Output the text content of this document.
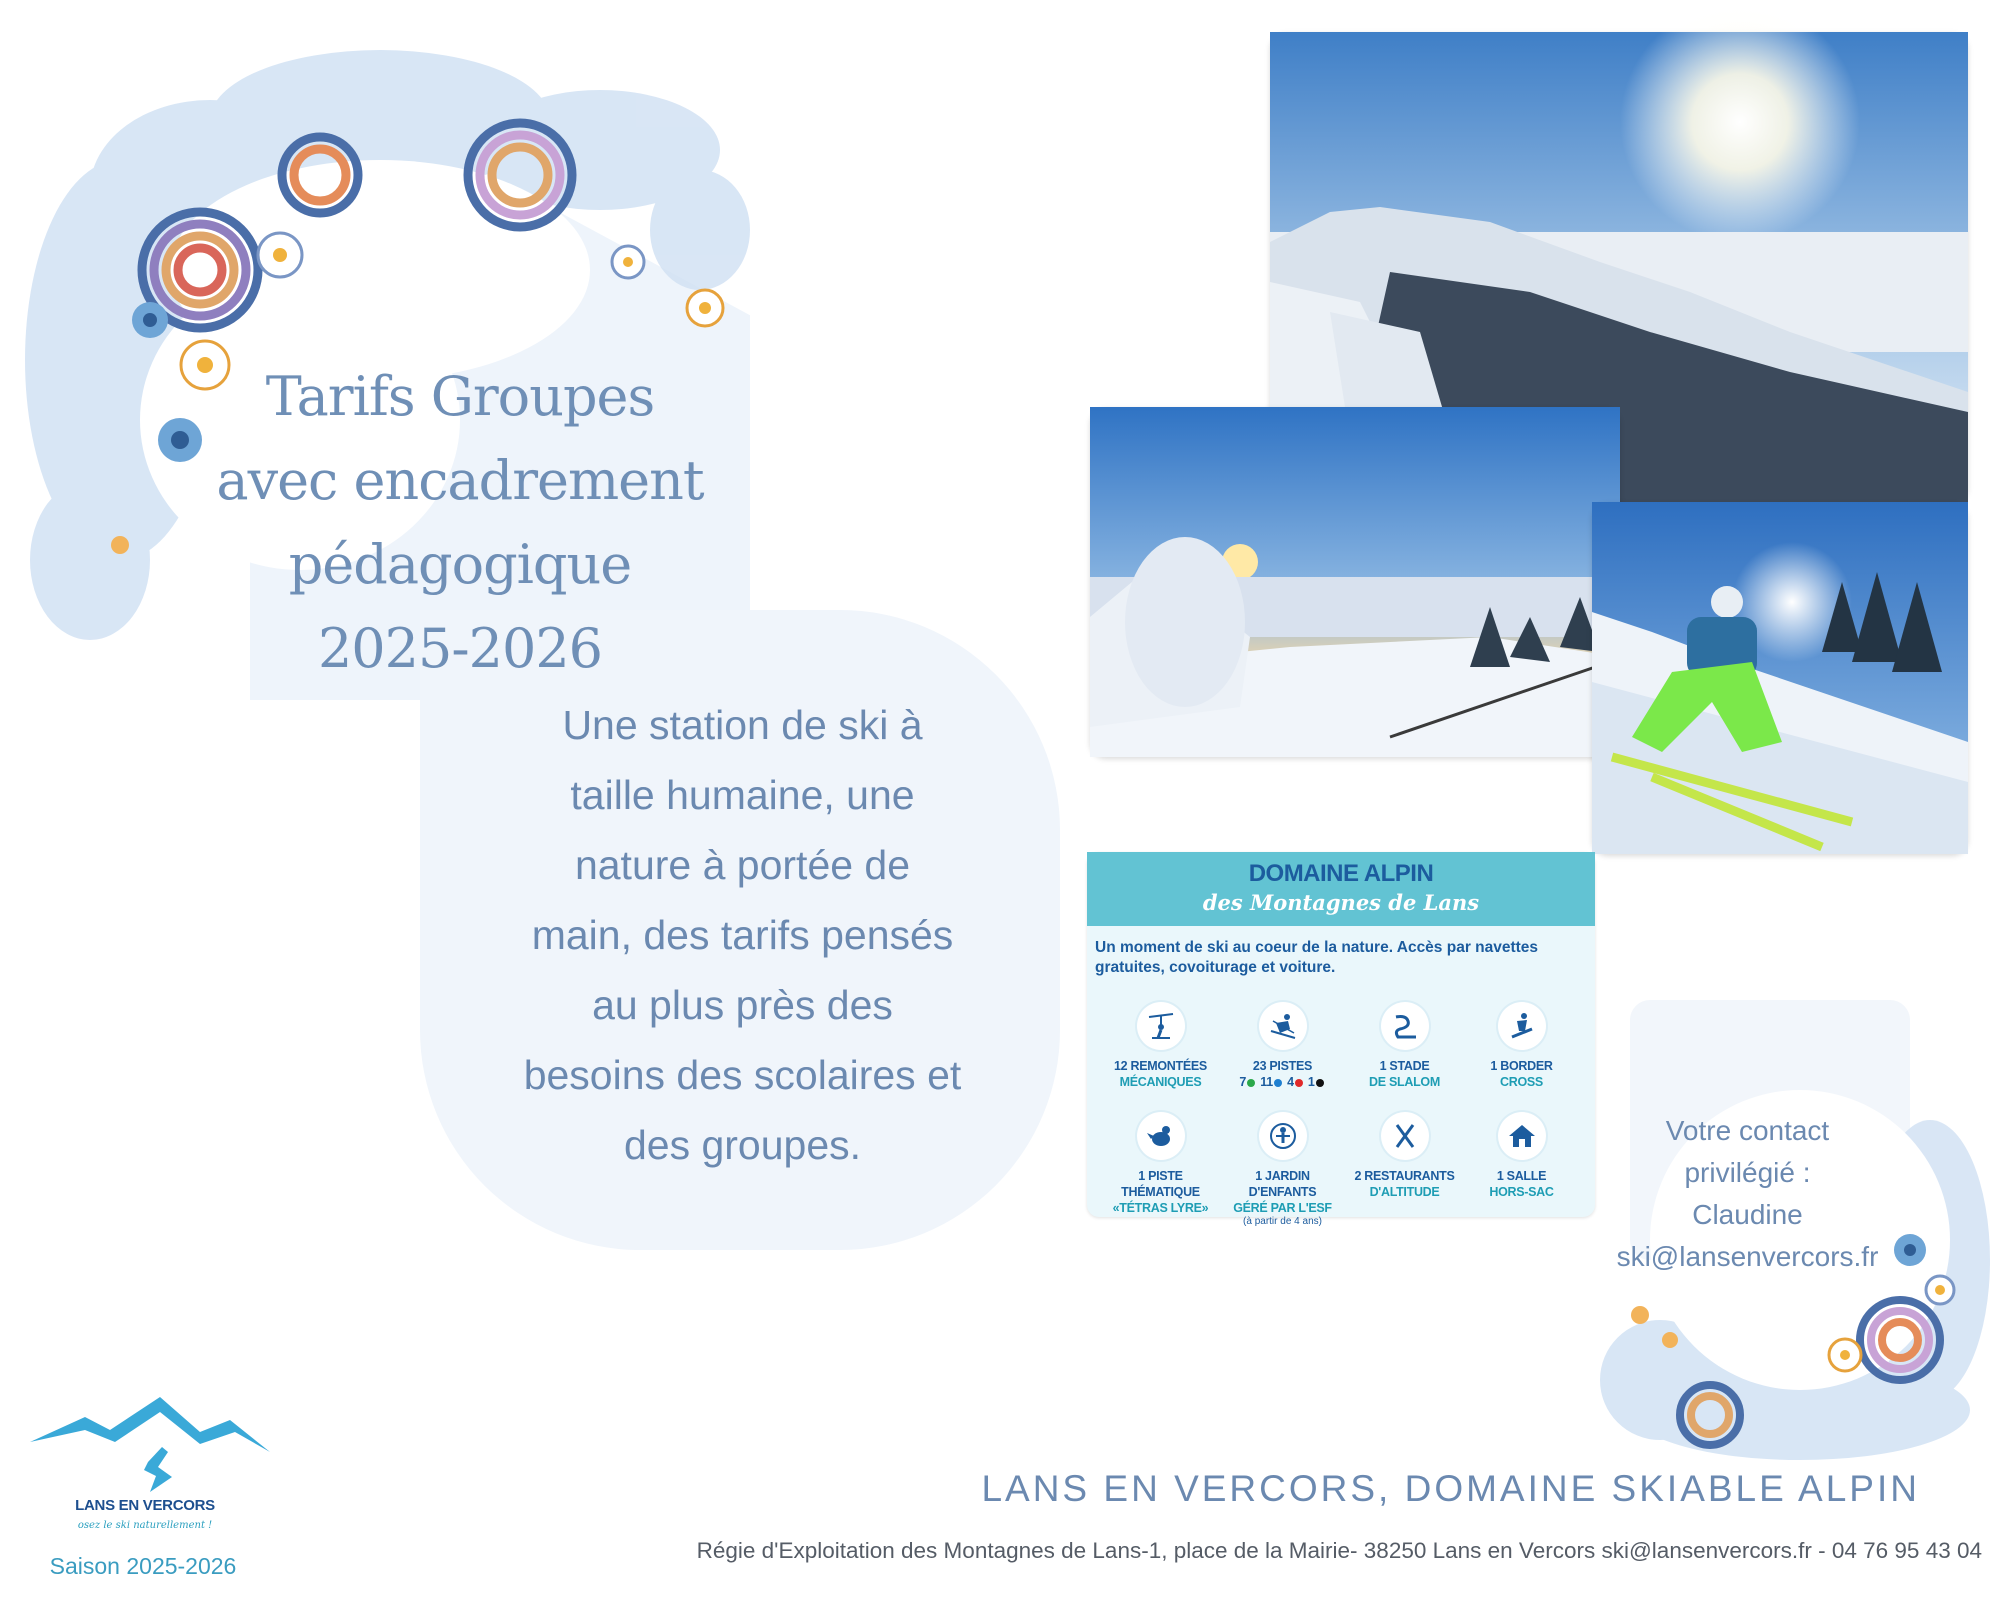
Tarifs Groupes
avec encadrement
pédagogique
2025-2026
Une station de ski à
taille humaine, une
nature à portée de
main, des tarifs pensés
au plus près des
besoins des scolaires et
des groupes.
DOMAINE ALPIN
des Montagnes de Lans
Un moment de ski au coeur de la nature. Accès par navettes gratuites, covoiturage et voiture.
12 REMONTÉES
MÉCANIQUES
23 PISTES
7 11 4 1
1 STADE
DE SLALOM
1 BORDER
CROSS
1 PISTE THÉMATIQUE
«TÉTRAS LYRE»
1 JARDIN D'ENFANTS
GÉRÉ PAR L'ESF
(à partir de 4 ans)
2 RESTAURANTS
D'ALTITUDE
1 SALLE
HORS-SAC
Votre contact
privilégié :
Claudine
ski@lansenvercors.fr
LANS EN VERCORS
osez le ski naturellement !
Saison 2025-2026
LANS EN VERCORS, DOMAINE SKIABLE ALPIN
Régie d'Exploitation des Montagnes de Lans-1, place de la Mairie- 38250 Lans en Vercors ski@lansenvercors.fr - 04 76 95 43 04
